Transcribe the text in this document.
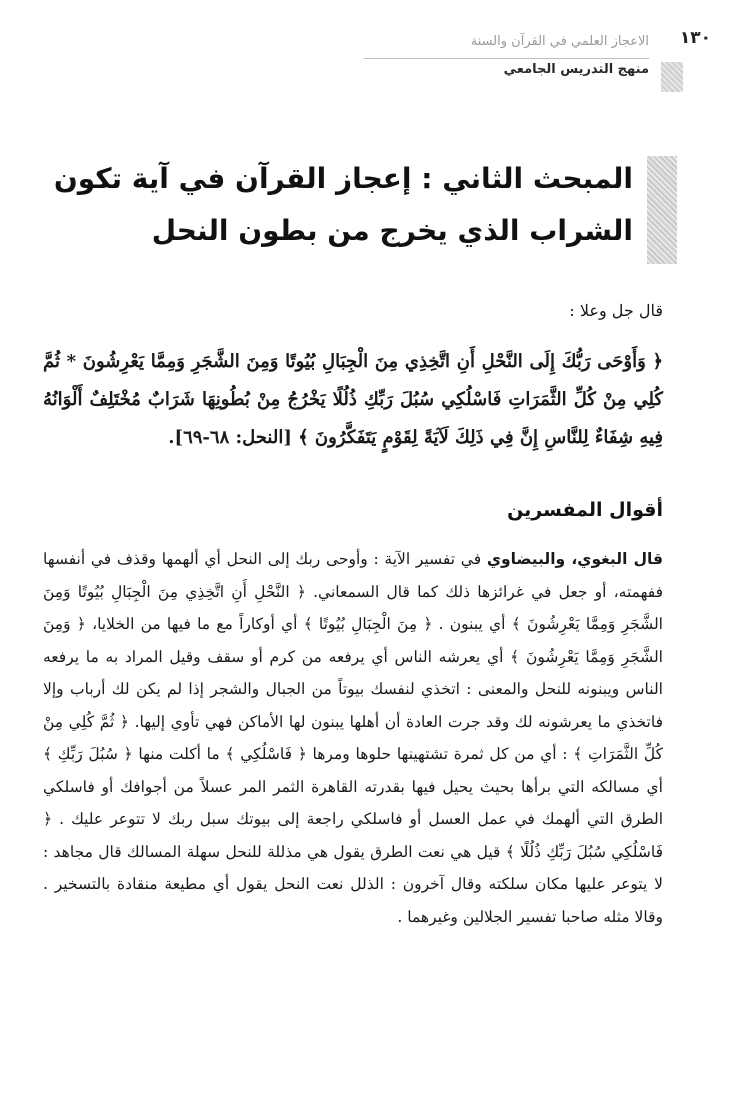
١٣٠
الاعجاز العلمي في القرآن والسنة
منهج التدريس الجامعي
المبحث الثاني : إعجاز القرآن في آية تكون
الشراب الذي يخرج من بطون النحل
قال جل وعلا :
﴿ وَأَوْحَى رَبُّكَ إِلَى النَّحْلِ أَنِ اتَّخِذِي مِنَ الْجِبَالِ بُيُوتًا وَمِنَ الشَّجَرِ وَمِمَّا يَعْرِشُونَ * ثُمَّ كُلِي مِنْ كُلِّ الثَّمَرَاتِ فَاسْلُكِي سُبُلَ رَبِّكِ ذُلُلًا يَخْرُجُ مِنْ بُطُونِهَا شَرَابٌ مُخْتَلِفٌ أَلْوَانُهُ فِيهِ شِفَاءٌ لِلنَّاسِ إِنَّ فِي ذَلِكَ لَآيَةً لِقَوْمٍ يَتَفَكَّرُونَ ﴾ [النحل: ٦٨-٦٩].
أقوال المفسرين
قال البغوي، والبيضاوي في تفسير الآية : وأوحى ربك إلى النحل أي ألهمها وقذف في أنفسها ففهمته، أو جعل في غرائزها ذلك كما قال السمعاني. ﴿ النَّحْلِ أَنِ اتَّخِذِي مِنَ الْجِبَالِ بُيُوتًا وَمِنَ الشَّجَرِ وَمِمَّا يَعْرِشُونَ ﴾ أي يبنون . ﴿ مِنَ الْجِبَالِ بُيُوتًا ﴾ أي أوكاراً مع ما فيها من الخلايا، ﴿ وَمِنَ الشَّجَرِ وَمِمَّا يَعْرِشُونَ ﴾ أي يعرشه الناس أي يرفعه من كرم أو سقف وقيل المراد به ما يرفعه الناس ويبنونه للنحل والمعنى : اتخذي لنفسك بيوتاً من الجبال والشجر إذا لم يكن لك أرباب وإلا فاتخذي ما يعرشونه لك وقد جرت العادة أن أهلها يبنون لها الأماكن فهي تأوي إليها. ﴿ ثُمَّ كُلِي مِنْ كُلِّ الثَّمَرَاتِ ﴾ : أي من كل ثمرة تشتهينها حلوها ومرها ﴿ فَاسْلُكِي ﴾ ما أكلت منها ﴿ سُبُلَ رَبِّكِ ﴾ أي مسالكه التي برأها بحيث يحيل فيها بقدرته القاهرة الثمر المر عسلاً من أجوافك أو فاسلكي الطرق التي ألهمك في عمل العسل أو فاسلكي راجعة إلى بيوتك سبل ربك لا تتوعر عليك . ﴿ فَاسْلُكِي سُبُلَ رَبِّكِ ذُلُلًا ﴾ قيل هي نعت الطرق يقول هي مذللة للنحل سهلة المسالك قال مجاهد : لا يتوعر عليها مكان سلكته وقال آخرون : الذلل نعت النحل يقول أي مطيعة منقادة بالتسخير . وقالا مثله صاحبا تفسير الجلالين وغيرهما .
